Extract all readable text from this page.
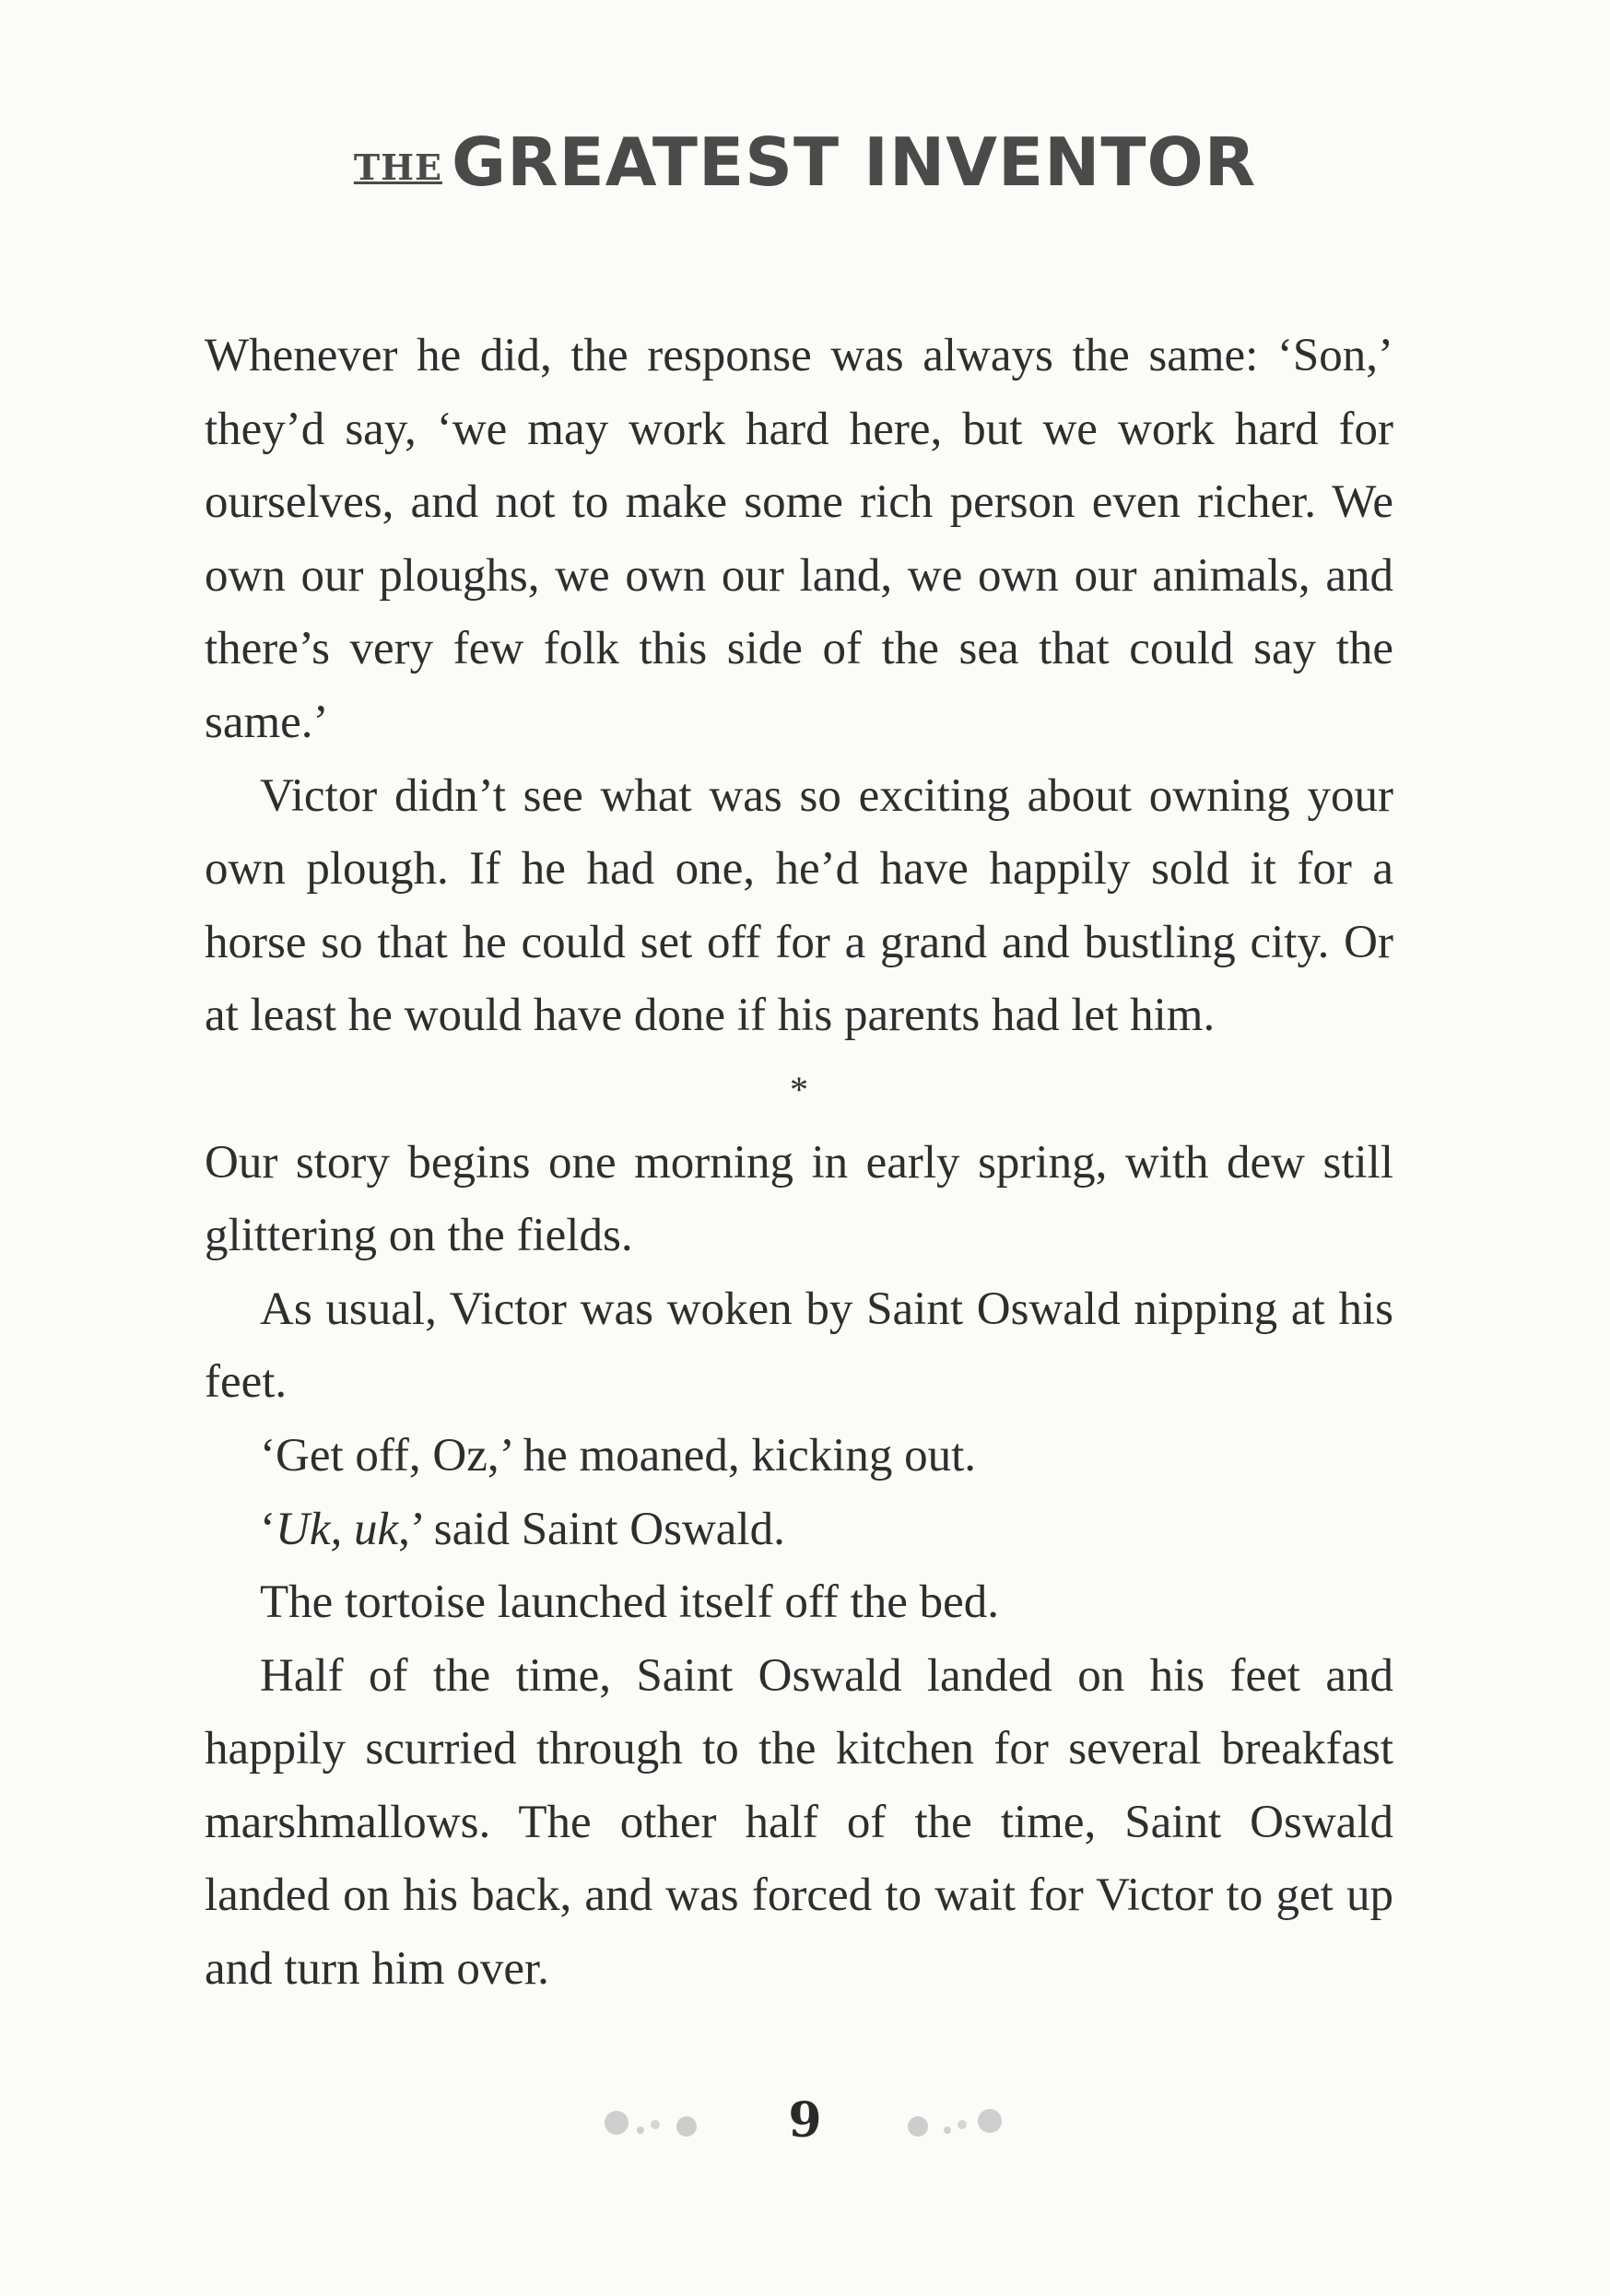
THE GREATEST INVENTOR

Whenever he did, the response was always the same: ‘Son,’ they’d say, ‘we may work hard here, but we work hard for ourselves, and not to make some rich person even richer. We own our ploughs, we own our land, we own our animals, and there’s very few folk this side of the sea that could say the same.’

Victor didn’t see what was so exciting about owning your own plough. If he had one, he’d have happily sold it for a horse so that he could set off for a grand and bustling city. Or at least he would have done if his parents had let him.

*

Our story begins one morning in early spring, with dew still glittering on the fields.

As usual, Victor was woken by Saint Oswald nipping at his feet.

‘Get off, Oz,’ he moaned, kicking out.

‘Uk, uk,’ said Saint Oswald.

The tortoise launched itself off the bed.

Half of the time, Saint Oswald landed on his feet and happily scurried through to the kitchen for several breakfast marshmallows. The other half of the time, Saint Oswald landed on his back, and was forced to wait for Victor to get up and turn him over.

9
